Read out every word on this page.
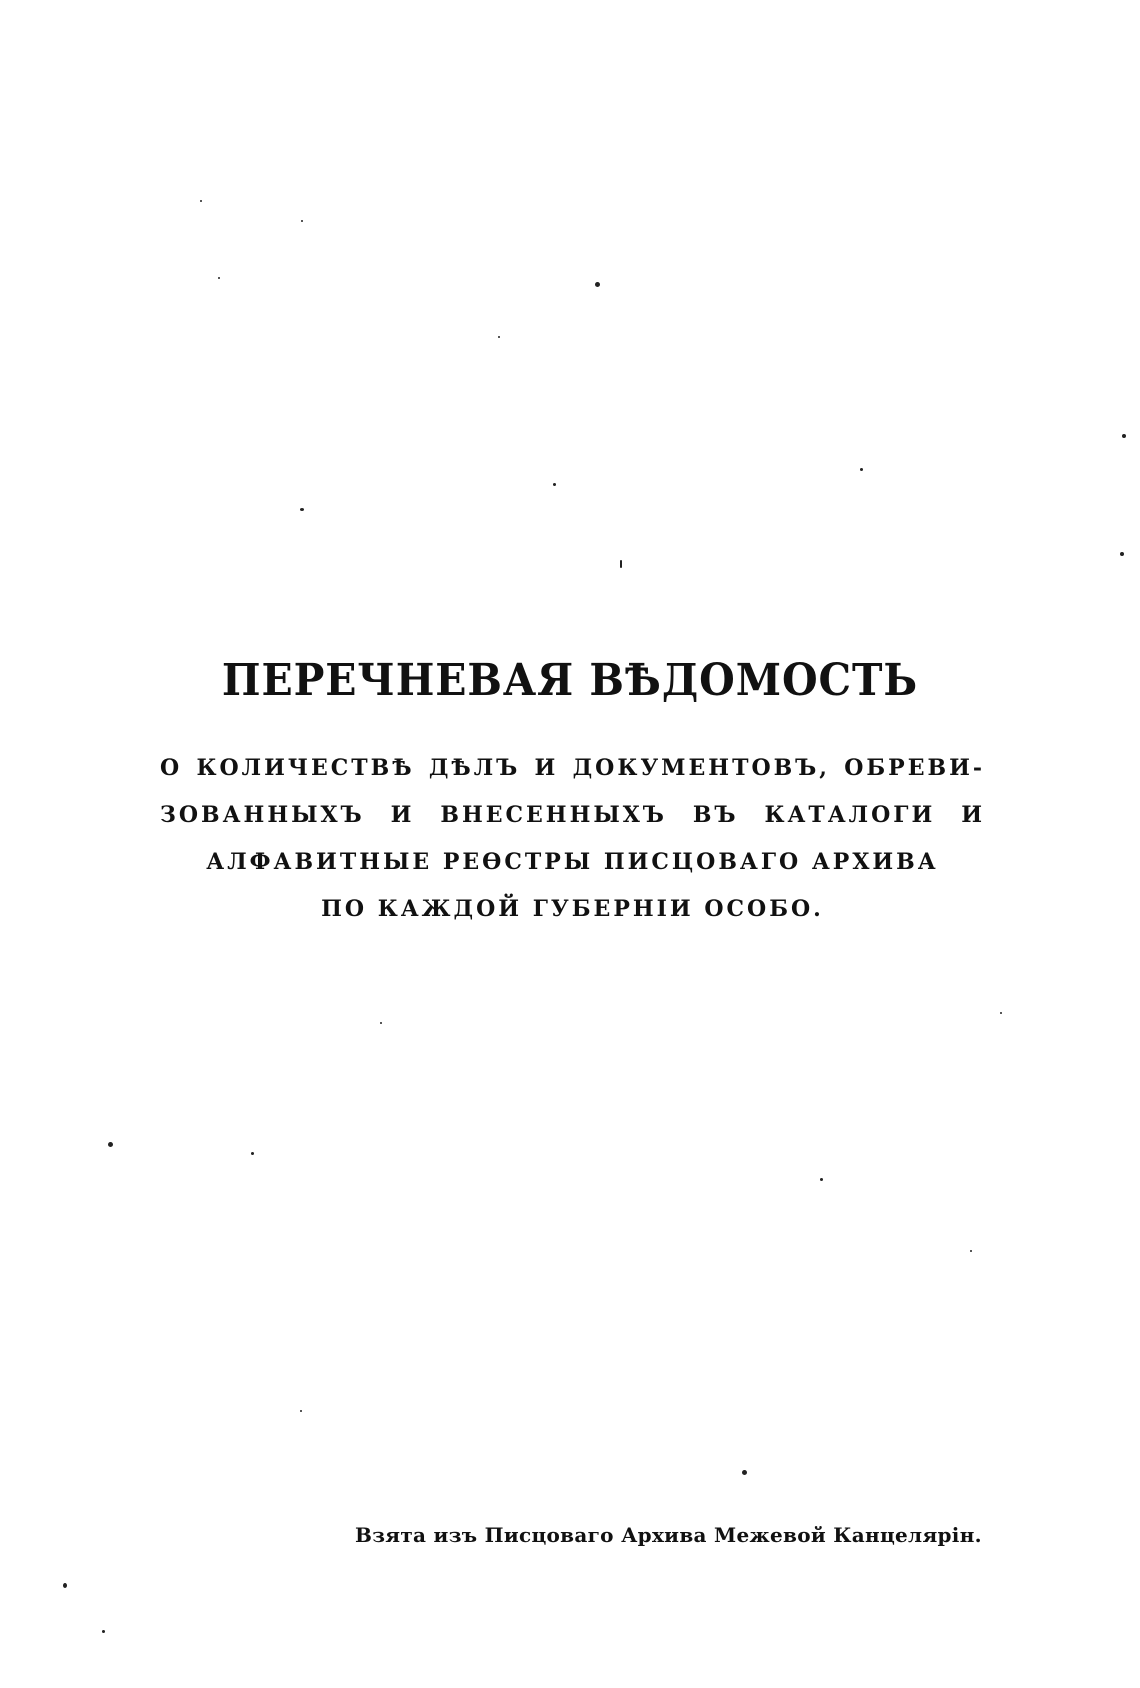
ПЕРЕЧНЕВАЯ ВѢДОМОСТЬ
О КОЛИЧЕСТВѢ ДѢЛЪ И ДОКУМЕНТОВЪ, ОБРЕВИ-
ЗОВАННЫХЪ И ВНЕСЕННЫХЪ ВЪ КАТАЛОГИ И
АЛФАВИТНЫЕ РЕѲСТРЫ ПИСЦОВАГО АРХИВА
ПО КАЖДОЙ ГУБЕРНІИ ОСОБО.
Взята изъ Писцоваго Архива Межевой Канцелярін.
